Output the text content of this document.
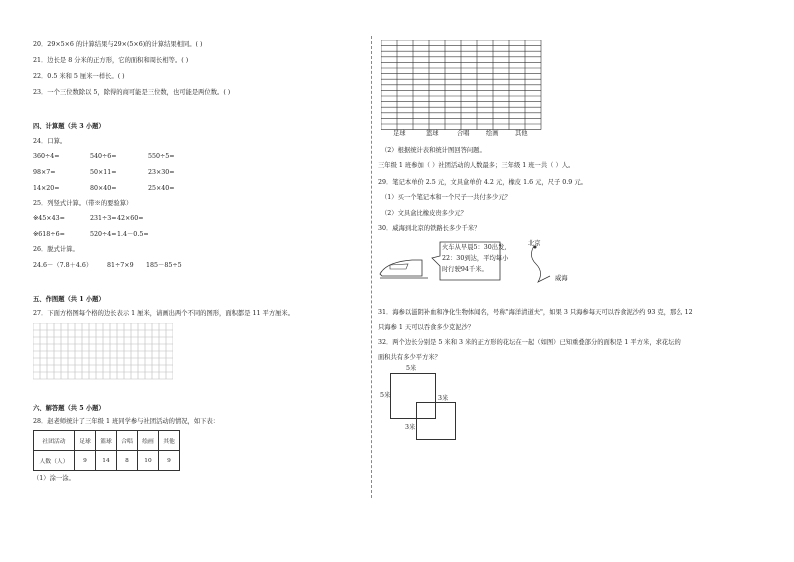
20．29×5×6 的计算结果与29×(5×6)的计算结果相同。( )
21．边长是 8 分米的正方形，它的面积和周长相等。( )
22．0.5 米和 5 厘米一样长。( )
23．一个三位数除以 5，除得的商可能是三位数，也可能是两位数。( )
四、计算题（共 3 小题）
24．口算。
360÷4=	540÷6=	550÷5=
98×7=	50×11=	23×30=
14×20=	80×40=	25×40=
25．列竖式计算。（带※的要验算）
※45×43=	231÷3= 42×60=
※618÷6=	520÷4= 1.4－0.5=
26．脱式计算。
24.6－（7.8＋4.6） 81÷7×9 185－85÷5
五、作图题（共 1 小题）
27．下面方格图每个格的边长表示 1 厘米，请画出两个不同的图形，面积都是 11 平方厘米。
六、解答题（共 5 小题）
28．赵老师统计了三年级 1 班同学参与社团活动的情况，如下表：
社团活动	足球	篮球	合唱	绘画	其他
人数（人）	9	14	8	10	9
（1）涂一涂。
足球	篮球	合唱	绘画	其他
（2）根据统计表和统计图回答问题。
三年级 1 班参加（ ）社团活动的人数最多；三年级 1 班一共（ ）人。
29．笔记本单价 2.5 元，文具盒单价 4.2 元，橡皮 1.6 元，尺子 0.9 元。
（1）买一个笔记本和一个尺子一共付多少元？
（2）文具盒比橡皮贵多少元？
30．威海到北京的铁路长多少千米？
火车从早晨5：30出发,
22：30到达，平均每小
时行驶94千米。
北京
威海
31．海参以滋阴补血和净化生物体闻名，号称"海洋清道夫"，如果 3 只海参每天可以吞食泥沙约 93 克，那么 12
只海参 1 天可以吞食多少克泥沙？
32．两个边长分别是 5 米和 3 米的正方形的花坛在一起（如图）已知重叠部分的面积是 1 平方米，求花坛的
面积共有多少平方米？
5米
5米	3米
3米
